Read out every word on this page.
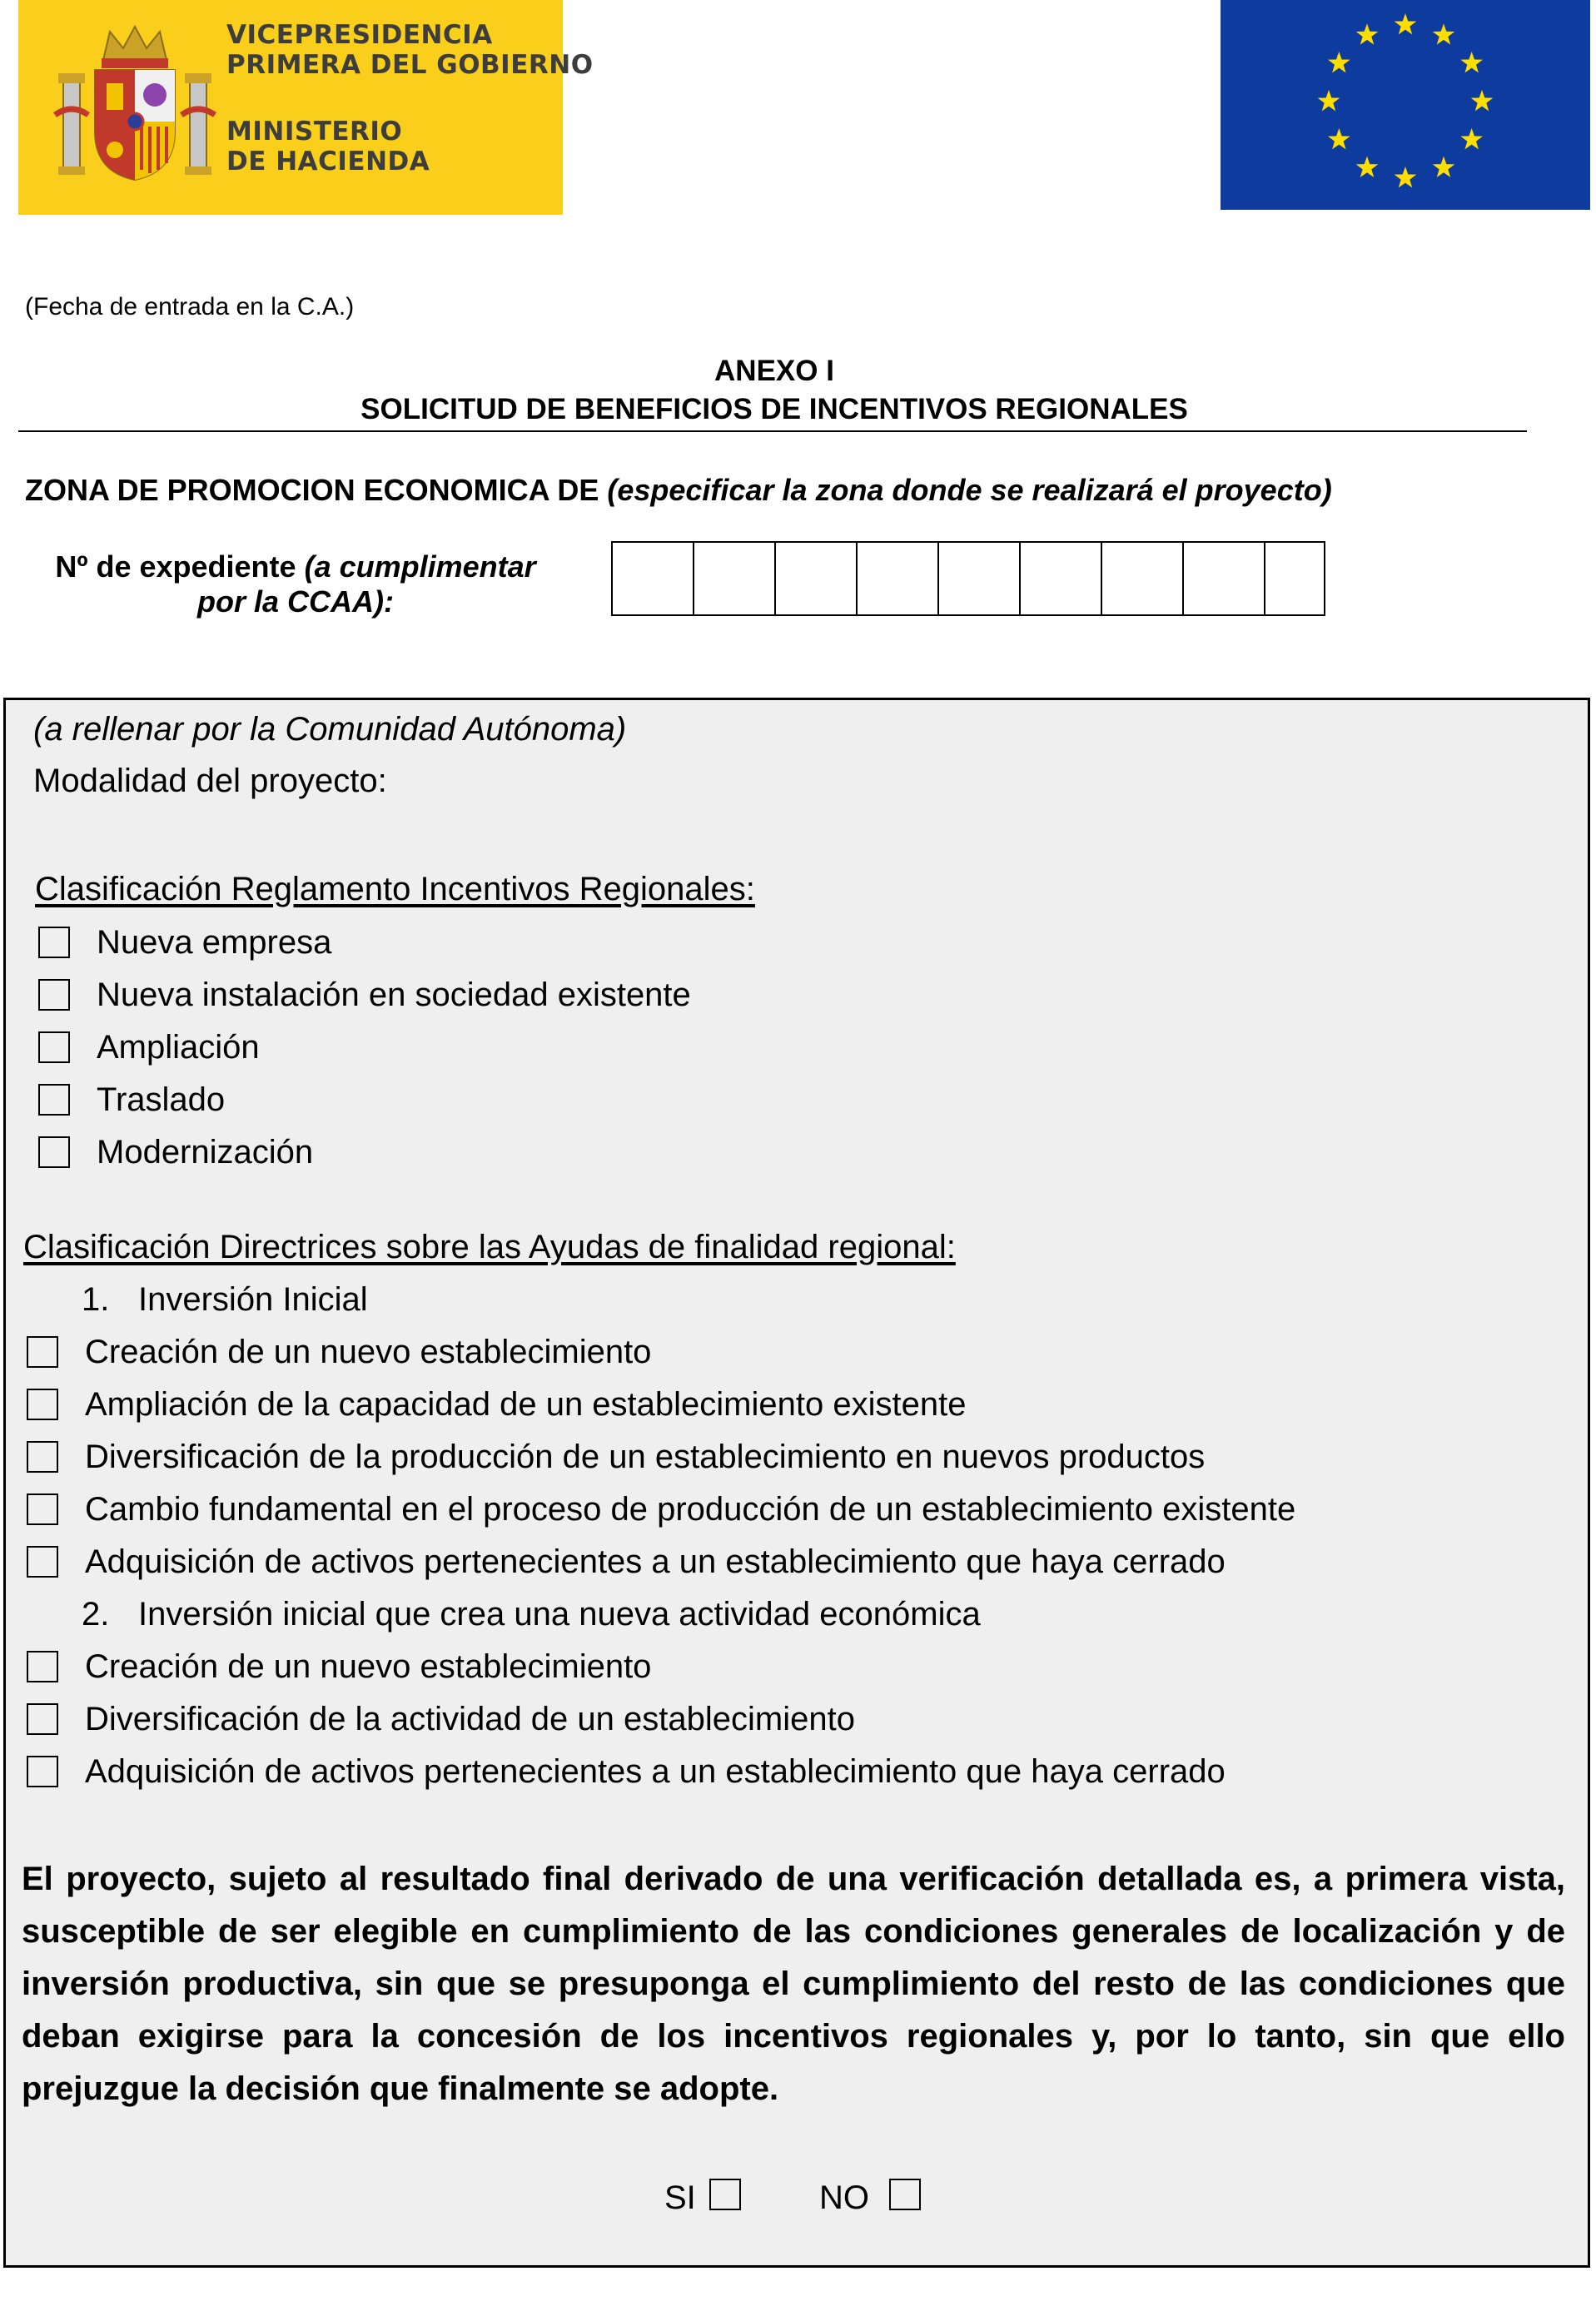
VICEPRESIDENCIA
PRIMERA DEL GOBIERNO
MINISTERIO
DE HACIENDA
(Fecha de entrada en la C.A.)
ANEXO I
SOLICITUD DE BENEFICIOS DE INCENTIVOS REGIONALES
ZONA DE PROMOCION ECONOMICA DE (especificar la zona donde se realizará el proyecto)
Nº de expediente (a cumplimentar
por la CCAA):
(a rellenar por la Comunidad Autónoma)
Modalidad del proyecto:
Clasificación Reglamento Incentivos Regionales:
Nueva empresa
Nueva instalación en sociedad existente
Ampliación
Traslado
Modernización
Clasificación Directrices sobre las Ayudas de finalidad regional:
1. Inversión Inicial
Creación de un nuevo establecimiento
Ampliación de la capacidad de un establecimiento existente
Diversificación de la producción de un establecimiento en nuevos productos
Cambio fundamental en el proceso de producción de un establecimiento existente
Adquisición de activos pertenecientes a un establecimiento que haya cerrado
2. Inversión inicial que crea una nueva actividad económica
Creación de un nuevo establecimiento
Diversificación de la actividad de un establecimiento
Adquisición de activos pertenecientes a un establecimiento que haya cerrado
El proyecto, sujeto al resultado final derivado de una verificación detallada es, a primera vista, susceptible de ser elegible en cumplimiento de las condiciones generales de localización y de inversión productiva, sin que se presuponga el cumplimiento del resto de las condiciones que deban exigirse para la concesión de los incentivos regionales y, por lo tanto, sin que ello prejuzgue la decisión que finalmente se adopte.
SI	NO
